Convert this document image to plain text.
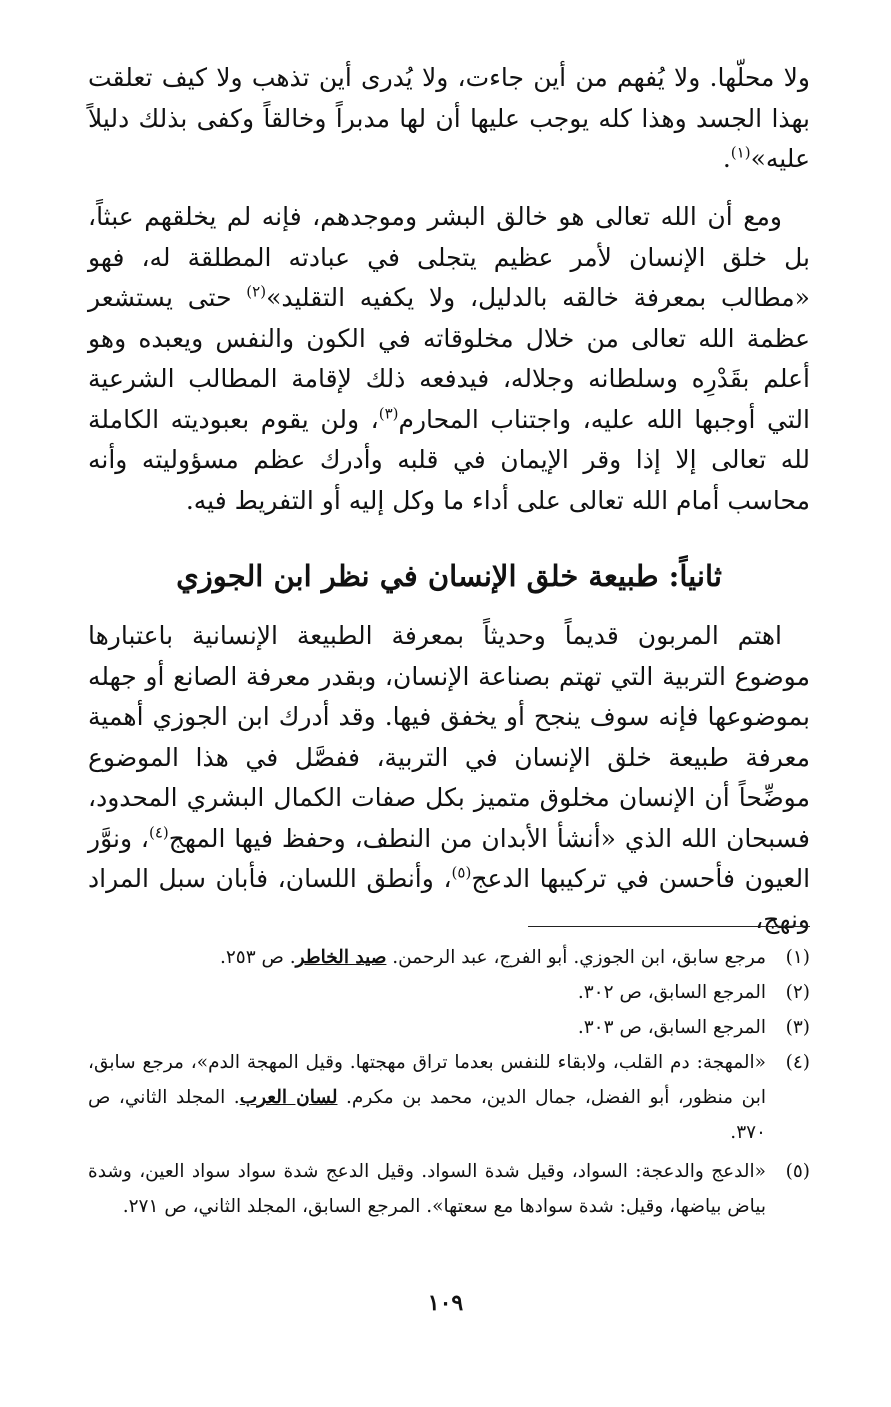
ولا محلّها. ولا يُفهم من أين جاءت، ولا يُدرى أين تذهب ولا كيف تعلقت بهذا الجسد وهذا كله يوجب عليها أن لها مدبراً وخالقاً وكفى بذلك دليلاً عليه»$^{(١)}$.

ومع أن الله تعالى هو خالق البشر وموجدهم، فإنه لم يخلقهم عبثاً، بل خلق الإنسان لأمر عظيم يتجلى في عبادته المطلقة له، فهو «مطالب بمعرفة خالقه بالدليل، ولا يكفيه التقليد»$^{(٢)}$ حتى يستشعر عظمة الله تعالى من خلال مخلوقاته في الكون والنفس ويعبده وهو أعلم بقَدْرِه وسلطانه وجلاله، فيدفعه ذلك لإقامة المطالب الشرعية التي أوجبها الله عليه، واجتناب المحارم$^{(٣)}$، ولن يقوم بعبوديته الكاملة لله تعالى إلا إذا وقر الإيمان في قلبه وأدرك عظم مسؤوليته وأنه محاسب أمام الله تعالى على أداء ما وكل إليه أو التفريط فيه.

ثانياً: طبيعة خلق الإنسان في نظر ابن الجوزي

اهتم المربون قديماً وحديثاً بمعرفة الطبيعة الإنسانية باعتبارها موضوع التربية التي تهتم بصناعة الإنسان، وبقدر معرفة الصانع أو جهله بموضوعها فإنه سوف ينجح أو يخفق فيها. وقد أدرك ابن الجوزي أهمية معرفة طبيعة خلق الإنسان في التربية، ففصَّل في هذا الموضوع موضِّحاً أن الإنسان مخلوق متميز بكل صفات الكمال البشري المحدود، فسبحان الله الذي «أنشأ الأبدان من النطف، وحفظ فيها المهج$^{(٤)}$، ونوَّر العيون فأحسن في تركيبها الدعج$^{(٥)}$، وأنطق اللسان، فأبان سبل المراد ونهج،

(١)
مرجع سابق، ابن الجوزي. أبو الفرج، عبد الرحمن. صيد الخاطر. ص ٢٥٣.
(٢)
المرجع السابق، ص ٣٠٢.
(٣)
المرجع السابق، ص ٣٠٣.
(٤)
«المهجة: دم القلب، ولابقاء للنفس بعدما تراق مهجتها. وقيل المهجة الدم»، مرجع سابق، ابن منظور، أبو الفضل، جمال الدين، محمد بن مكرم. لسان العرب. المجلد الثاني، ص ٣٧٠.
(٥)
«الدعج والدعجة: السواد، وقيل شدة السواد. وقيل الدعج شدة سواد سواد العين، وشدة بياض بياضها، وقيل: شدة سوادها مع سعتها». المرجع السابق، المجلد الثاني، ص ٢٧١.
١٠٩
